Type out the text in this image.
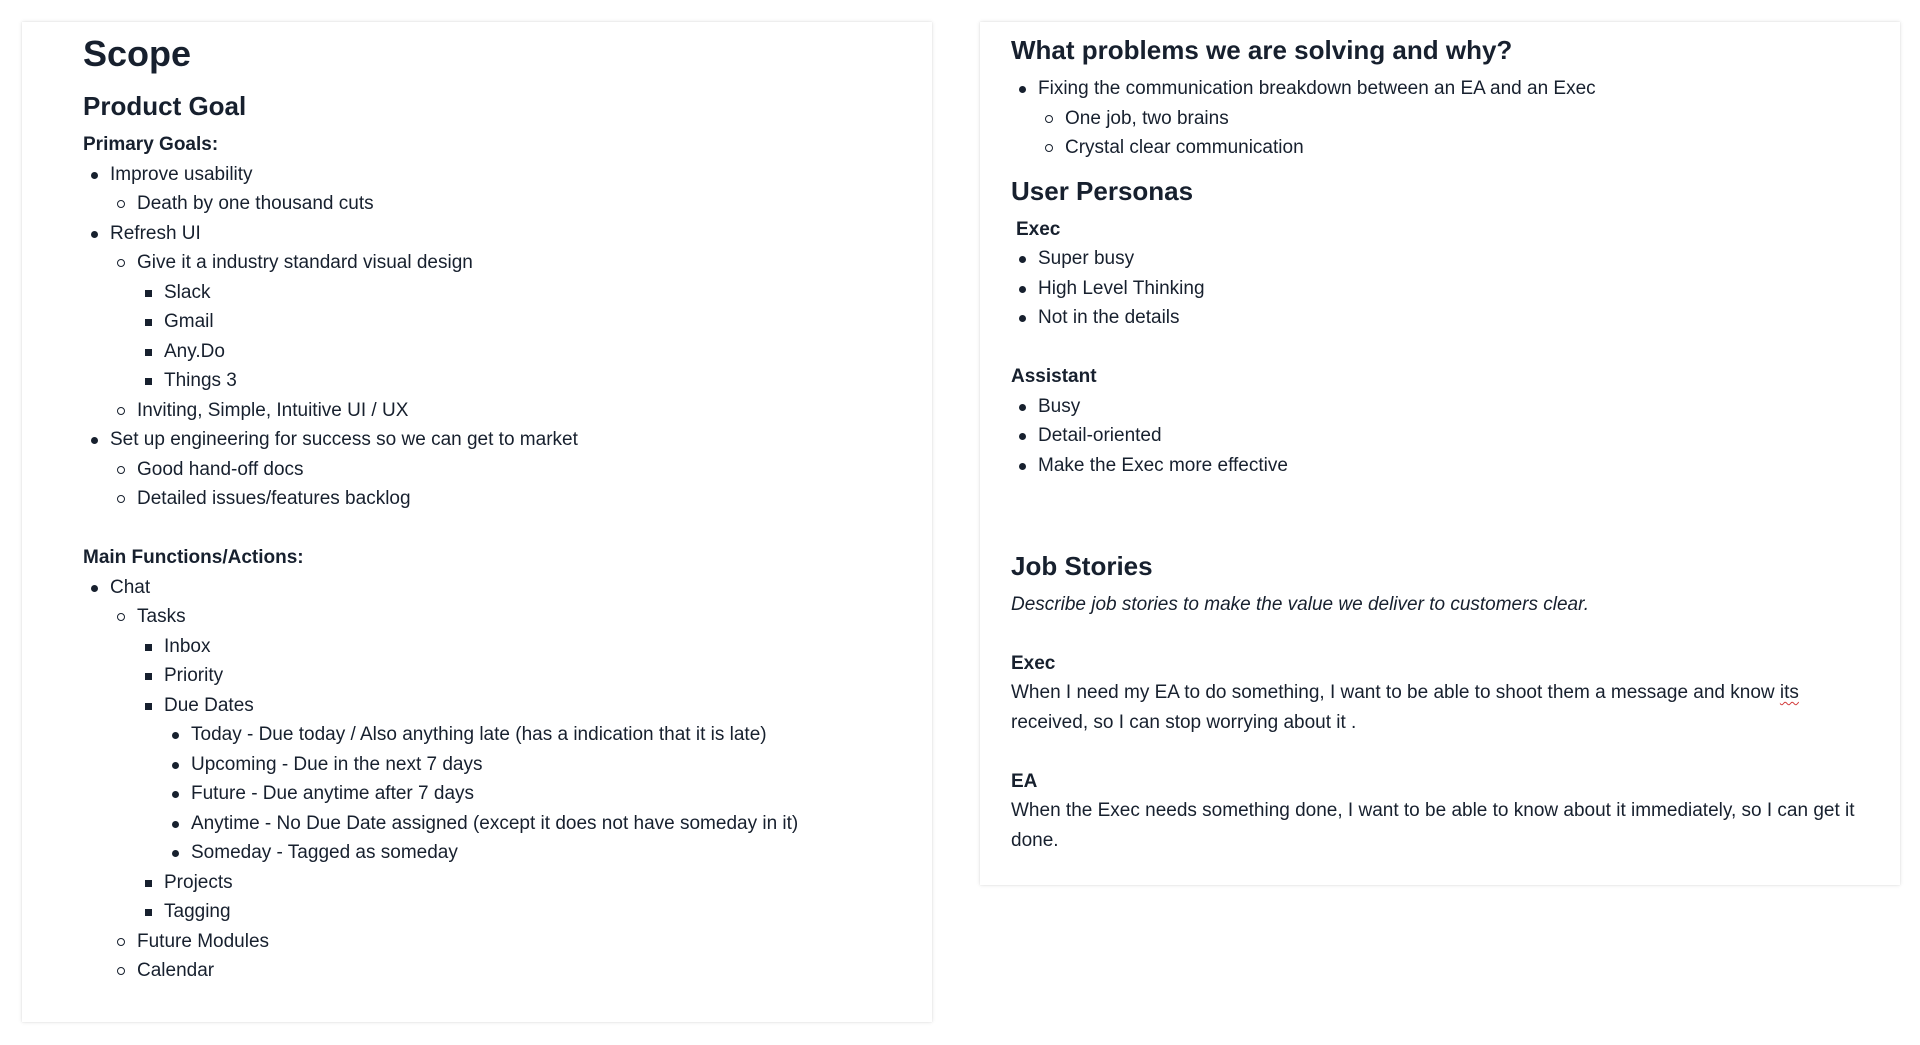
Scope
Product Goal
Primary Goals:
Improve usability
Death by one thousand cuts
Refresh UI
Give it a industry standard visual design
Slack
Gmail
Any.Do
Things 3
Inviting, Simple, Intuitive UI / UX
Set up engineering for success so we can get to market
Good hand-off docs
Detailed issues/features backlog
Main Functions/Actions:
Chat
Tasks
Inbox
Priority
Due Dates
Today - Due today / Also anything late (has a indication that it is late)
Upcoming - Due in the next 7 days
Future - Due anytime after 7 days
Anytime - No Due Date assigned (except it does not have someday in it)
Someday - Tagged as someday
Projects
Tagging
Future Modules
Calendar
What problems we are solving and why?
Fixing the communication breakdown between an EA and an Exec
One job, two brains
Crystal clear communication
User Personas
Exec
Super busy
High Level Thinking
Not in the details
Assistant
Busy
Detail-oriented
Make the Exec more effective
Job Stories

Describe job stories to make the value we deliver to customers clear.

Exec

When I need my EA to do something, I want to be able to shoot them a message and know its received, so I can stop worrying about it .

EA

When the Exec needs something done, I want to be able to know about it immediately, so I can get it done.
